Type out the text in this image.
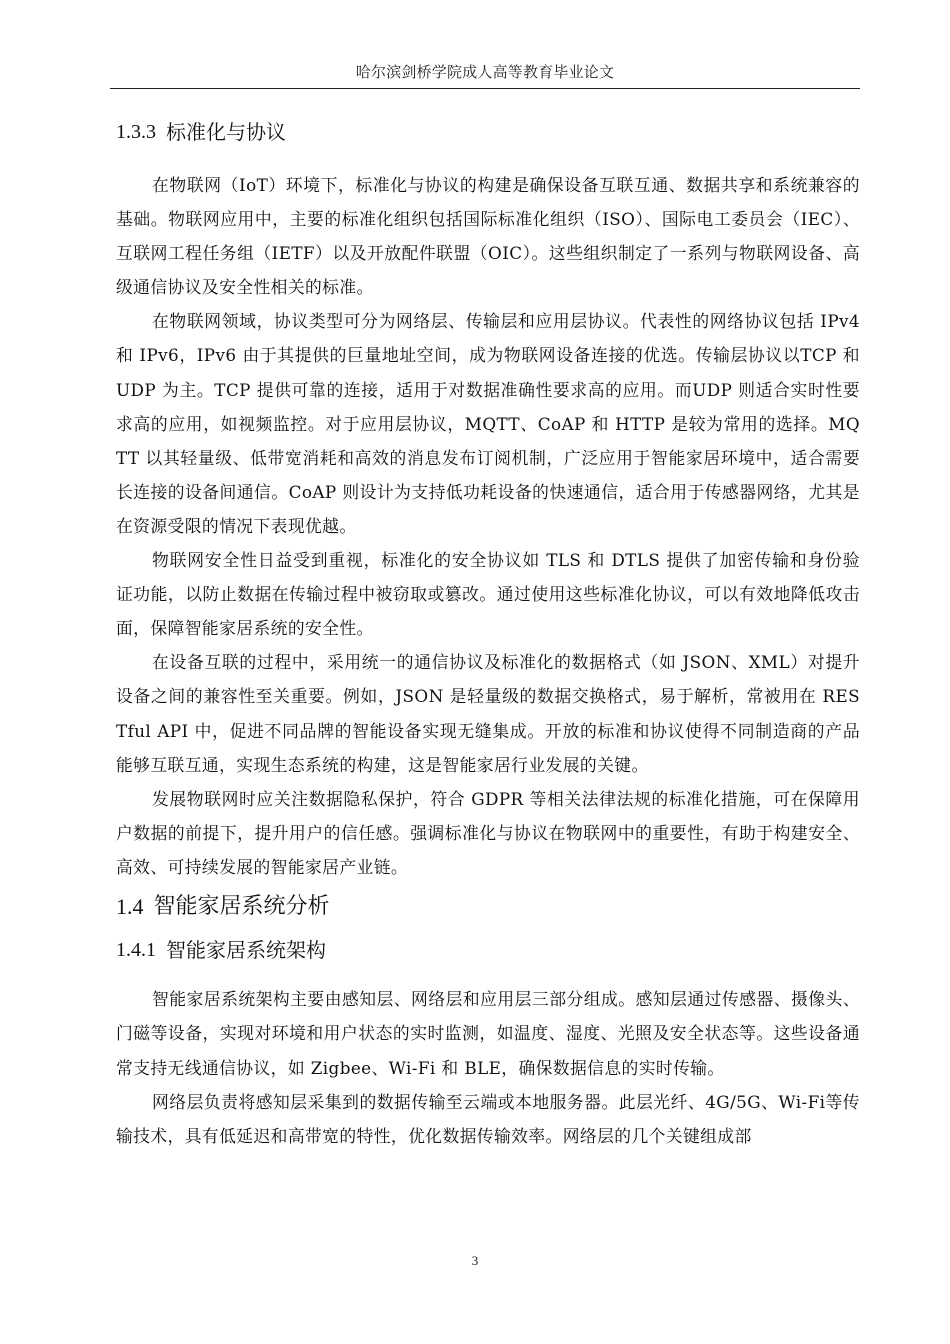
哈尔滨剑桥学院成人高等教育毕业论文
1.3.3 标准化与协议

在物联网（IoT）环境下，标准化与协议的构建是确保设备互联互通、数据共享和系统兼容的基础。物联网应用中，主要的标准化组织包括国际标准化组织（ISO）、国际电工委员会（IEC）、互联网工程任务组（IETF）以及开放配件联盟（OIC）。这些组织制定了一系列与物联网设备、高级通信协议及安全性相关的标准。

在物联网领域，协议类型可分为网络层、传输层和应用层协议。代表性的网络协议包括 IPv4 和 IPv6，IPv6 由于其提供的巨量地址空间，成为物联网设备连接的优选。传输层协议以TCP 和 UDP 为主。TCP 提供可靠的连接，适用于对数据准确性要求高的应用。而UDP 则适合实时性要求高的应用，如视频监控。对于应用层协议，MQTT、CoAP 和 HTTP 是较为常用的选择。MQTT 以其轻量级、低带宽消耗和高效的消息发布订阅机制，广泛应用于智能家居环境中，适合需要长连接的设备间通信。CoAP 则设计为支持低功耗设备的快速通信，适合用于传感器网络，尤其是在资源受限的情况下表现优越。

物联网安全性日益受到重视，标准化的安全协议如 TLS 和 DTLS 提供了加密传输和身份验证功能，以防止数据在传输过程中被窃取或篡改。通过使用这些标准化协议，可以有效地降低攻击面，保障智能家居系统的安全性。

在设备互联的过程中，采用统一的通信协议及标准化的数据格式（如 JSON、XML）对提升设备之间的兼容性至关重要。例如，JSON 是轻量级的数据交换格式，易于解析，常被用在 RESTful API 中，促进不同品牌的智能设备实现无缝集成。开放的标准和协议使得不同制造商的产品能够互联互通，实现生态系统的构建，这是智能家居行业发展的关键。

发展物联网时应关注数据隐私保护，符合 GDPR 等相关法律法规的标准化措施，可在保障用户数据的前提下，提升用户的信任感。强调标准化与协议在物联网中的重要性，有助于构建安全、高效、可持续发展的智能家居产业链。

1.4 智能家居系统分析
1.4.1 智能家居系统架构

智能家居系统架构主要由感知层、网络层和应用层三部分组成。感知层通过传感器、摄像头、门磁等设备，实现对环境和用户状态的实时监测，如温度、湿度、光照及安全状态等。这些设备通常支持无线通信协议，如 Zigbee、Wi-Fi 和 BLE，确保数据信息的实时传输。

网络层负责将感知层采集到的数据传输至云端或本地服务器。此层光纤、4G/5G、Wi-Fi等传输技术，具有低延迟和高带宽的特性，优化数据传输效率。网络层的几个关键组成部

3
